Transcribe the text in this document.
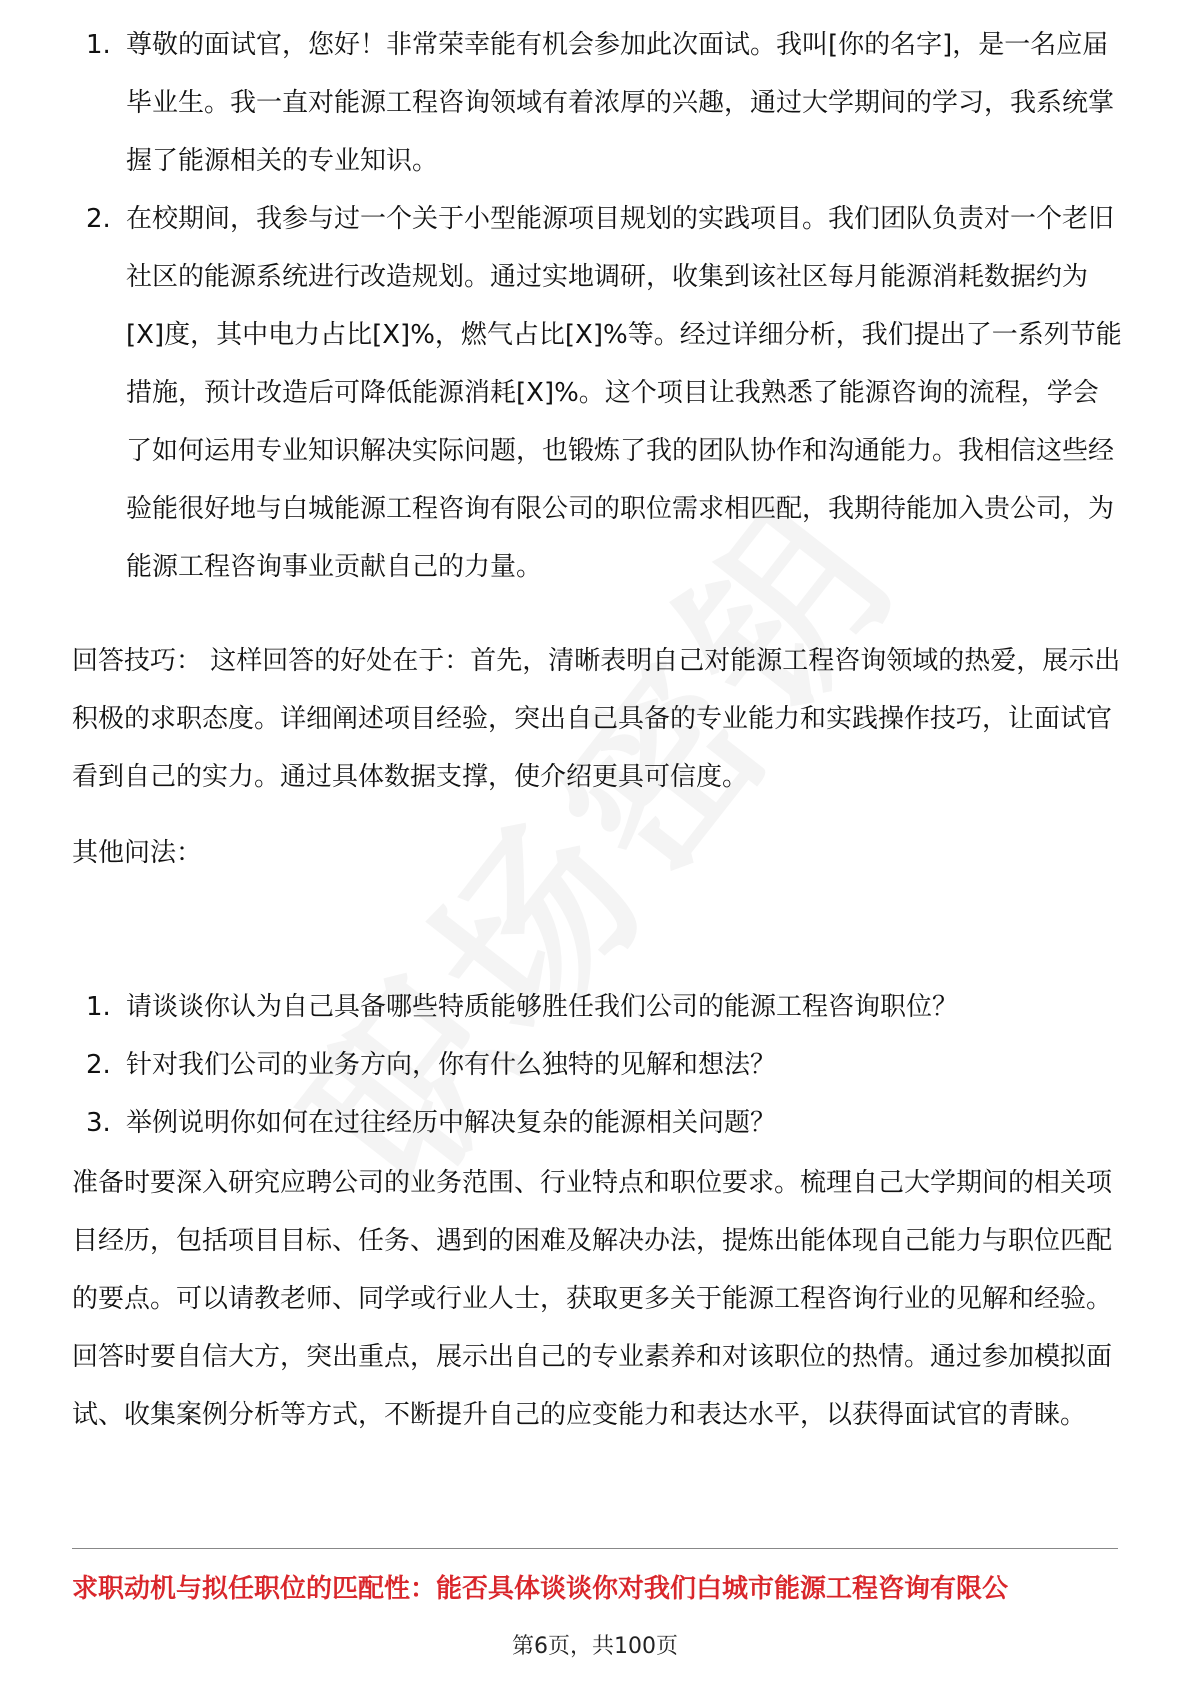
1. 尊敬的面试官，您好！非常荣幸能有机会参加此次面试。我叫[你的名字]，是一名应届毕业生。我一直对能源工程咨询领域有着浓厚的兴趣，通过大学期间的学习，我系统掌握了能源相关的专业知识。
2. 在校期间，我参与过一个关于小型能源项目规划的实践项目。我们团队负责对一个老旧社区的能源系统进行改造规划。通过实地调研，收集到该社区每月能源消耗数据约为[X]度，其中电力占比[X]%，燃气占比[X]%等。经过详细分析，我们提出了一系列节能措施，预计改造后可降低能源消耗[X]%。这个项目让我熟悉了能源咨询的流程，学会了如何运用专业知识解决实际问题，也锻炼了我的团队协作和沟通能力。我相信这些经验能很好地与白城能源工程咨询有限公司的职位需求相匹配，我期待能加入贵公司，为能源工程咨询事业贡献自己的力量。

回答技巧： 这样回答的好处在于：首先，清晰表明自己对能源工程咨询领域的热爱，展示出积极的求职态度。详细阐述项目经验，突出自己具备的专业能力和实践操作技巧，让面试官看到自己的实力。通过具体数据支撑，使介绍更具可信度。

其他问法：

1. 请谈谈你认为自己具备哪些特质能够胜任我们公司的能源工程咨询职位？
2. 针对我们公司的业务方向，你有什么独特的见解和想法？
3. 举例说明你如何在过往经历中解决复杂的能源相关问题？

准备时要深入研究应聘公司的业务范围、行业特点和职位要求。梳理自己大学期间的相关项目经历，包括项目目标、任务、遇到的困难及解决办法，提炼出能体现自己能力与职位匹配的要点。可以请教老师、同学或行业人士，获取更多关于能源工程咨询行业的见解和经验。回答时要自信大方，突出重点，展示出自己的专业素养和对该职位的热情。通过参加模拟面试、收集案例分析等方式，不断提升自己的应变能力和表达水平，以获得面试官的青睐。

求职动机与拟任职位的匹配性：能否具体谈谈你对我们白城市能源工程咨询有限公
第6页，共100页
